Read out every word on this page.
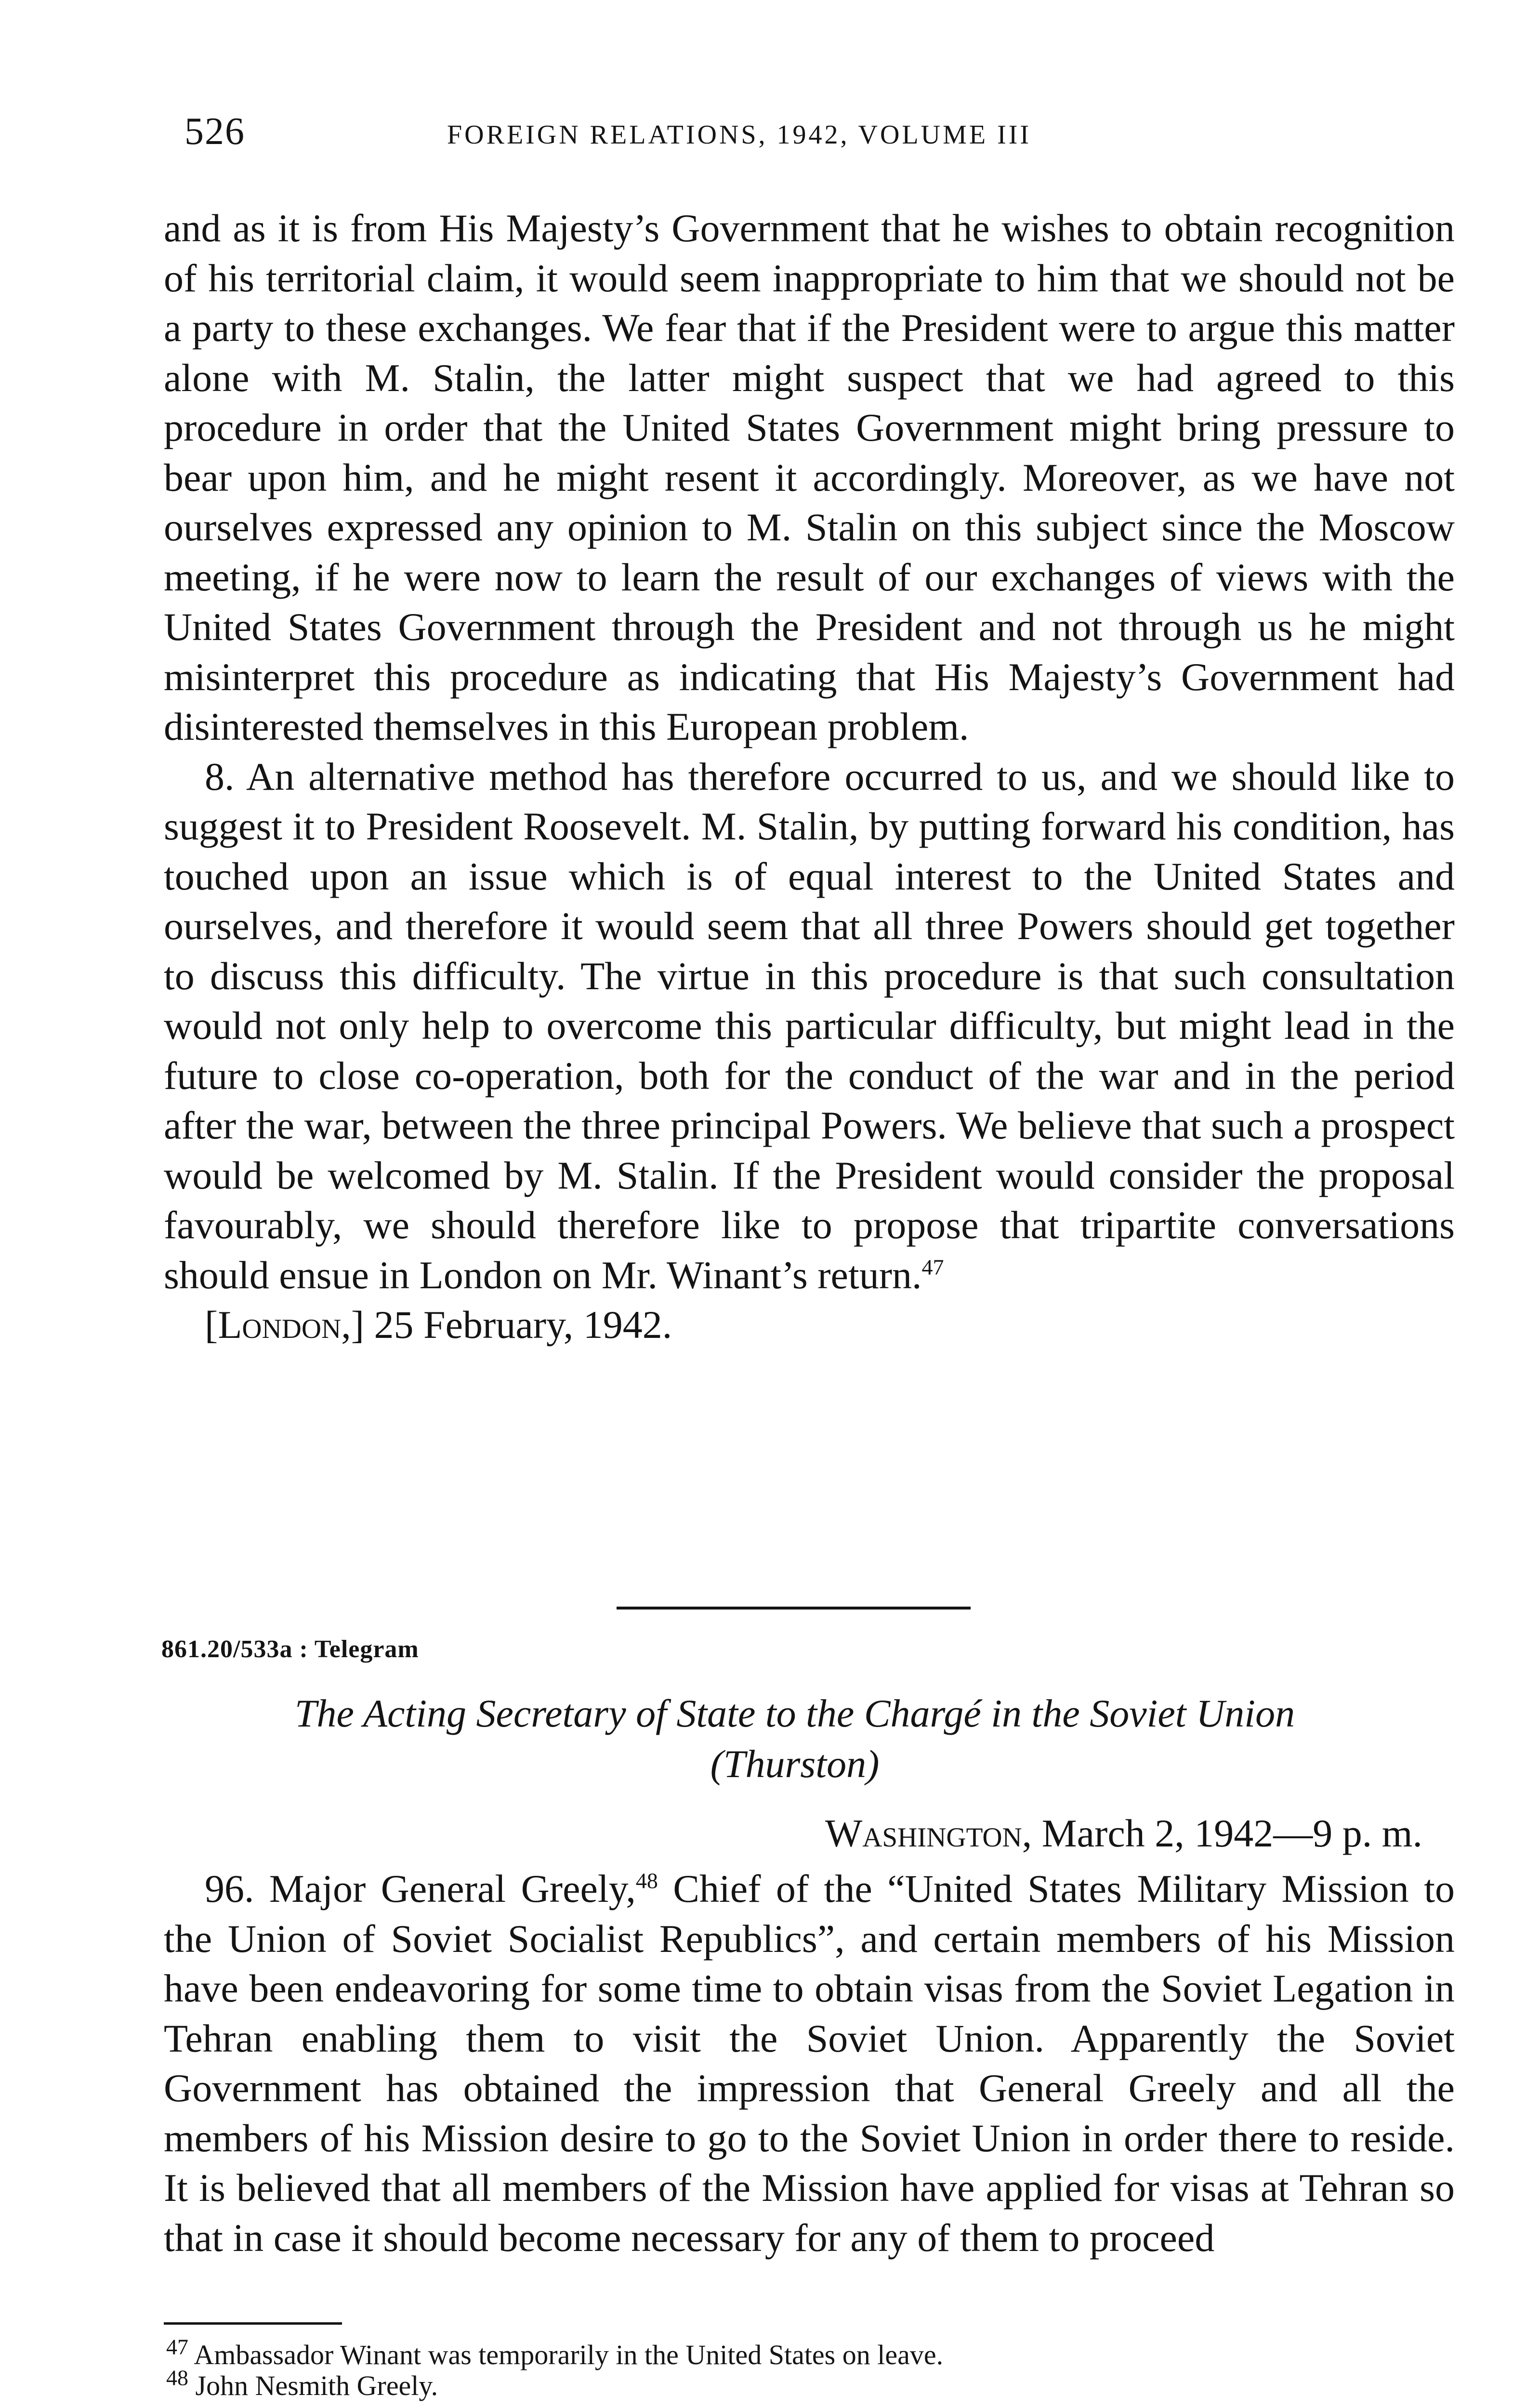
526	FOREIGN RELATIONS, 1942, VOLUME III

and as it is from His Majesty’s Government that he wishes to obtain recognition of his territorial claim, it would seem inappropriate to him that we should not be a party to these exchanges. We fear that if the President were to argue this matter alone with M. Stalin, the latter might suspect that we had agreed to this procedure in order that the United States Government might bring pressure to bear upon him, and he might resent it accordingly. Moreover, as we have not ourselves expressed any opinion to M. Stalin on this subject since the Moscow meeting, if he were now to learn the result of our exchanges of views with the United States Government through the President and not through us he might misinterpret this procedure as indicating that His Majesty’s Government had disinterested themselves in this European problem.

8. An alternative method has therefore occurred to us, and we should like to suggest it to President Roosevelt. M. Stalin, by putting forward his condition, has touched upon an issue which is of equal interest to the United States and ourselves, and therefore it would seem that all three Powers should get together to discuss this difficulty. The virtue in this procedure is that such consultation would not only help to overcome this particular difficulty, but might lead in the future to close co-operation, both for the conduct of the war and in the period after the war, between the three principal Powers. We believe that such a prospect would be welcomed by M. Stalin. If the President would consider the proposal favourably, we should therefore like to propose that tripartite conversations should ensue in London on Mr. Winant’s return.$^{47}$

[London,] 25 February, 1942.

861.20/533a : Telegram
The Acting Secretary of State to the Chargé in the Soviet Union
(Thurston)
Washington, March 2, 1942—9 p. m.

96. Major General Greely,$^{48}$ Chief of the “United States Military Mission to the Union of Soviet Socialist Republics”, and certain members of his Mission have been endeavoring for some time to obtain visas from the Soviet Legation in Tehran enabling them to visit the Soviet Union. Apparently the Soviet Government has obtained the impression that General Greely and all the members of his Mission desire to go to the Soviet Union in order there to reside. It is believed that all members of the Mission have applied for visas at Tehran so that in case it should become necessary for any of them to proceed

$^{47}$ Ambassador Winant was temporarily in the United States on leave.
$^{48}$ John Nesmith Greely.
